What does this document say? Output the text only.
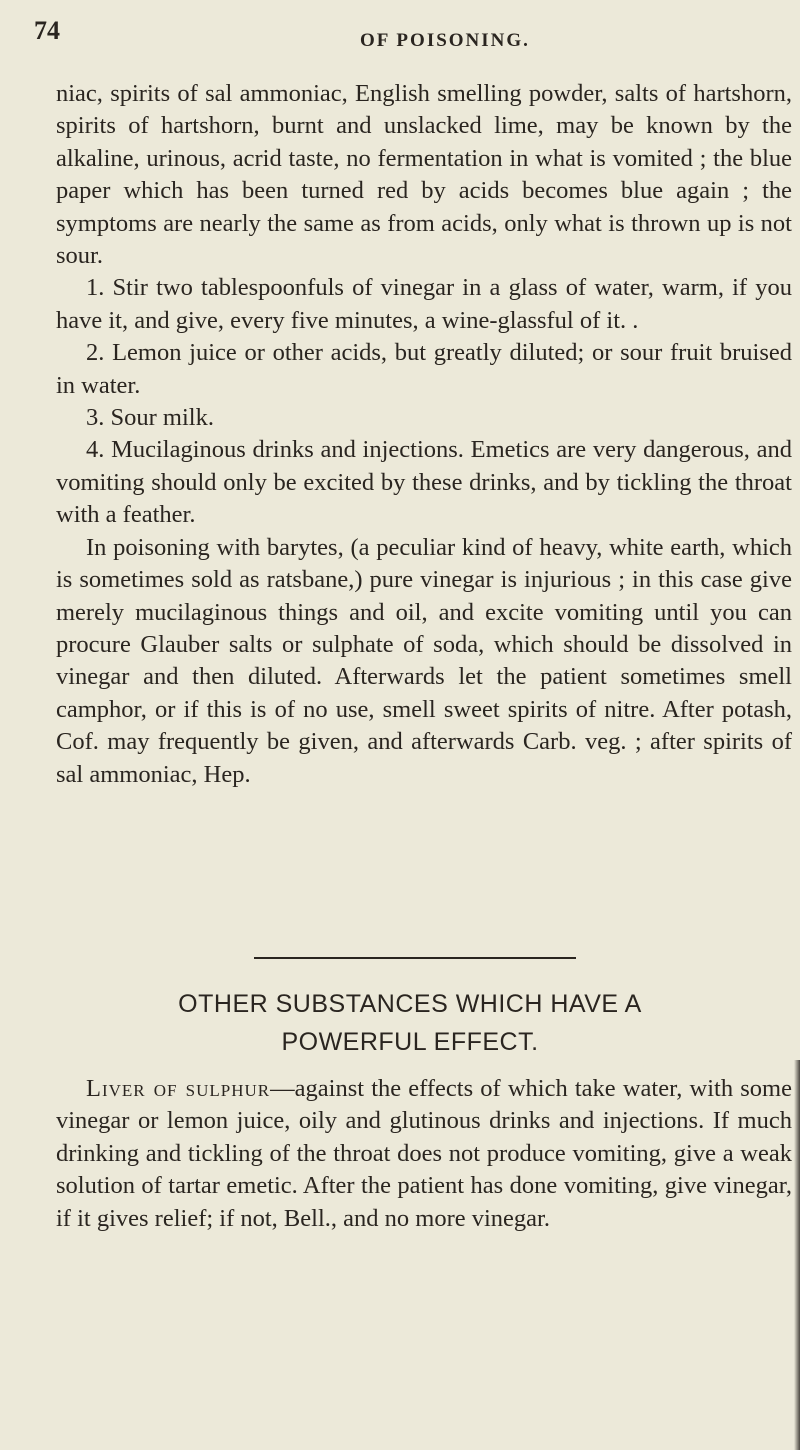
74	OF POISONING.

niac, spirits of sal ammoniac, English smelling powder, salts of hartshorn, spirits of hartshorn, burnt and unslacked lime, may be known by the alkaline, urinous, acrid taste, no fermentation in what is vomited ; the blue paper which has been turned red by acids becomes blue again ; the symptoms are nearly the same as from acids, only what is thrown up is not sour.

1. Stir two tablespoonfuls of vinegar in a glass of water, warm, if you have it, and give, every five minutes, a wine-glassful of it. .

2. Lemon juice or other acids, but greatly diluted; or sour fruit bruised in water.

3. Sour milk.

4. Mucilaginous drinks and injections. Emetics are very dangerous, and vomiting should only be excited by these drinks, and by tickling the throat with a feather.

In poisoning with barytes, (a peculiar kind of heavy, white earth, which is sometimes sold as ratsbane,) pure vinegar is injurious ; in this case give merely mucilaginous things and oil, and excite vomiting until you can procure Glauber salts or sulphate of soda, which should be dissolved in vinegar and then diluted. Afterwards let the patient sometimes smell camphor, or if this is of no use, smell sweet spirits of nitre. After potash, Cof. may frequently be given, and afterwards Carb. veg. ; after spirits of sal ammoniac, Hep.

OTHER SUBSTANCES WHICH HAVE A
POWERFUL EFFECT.

Liver of sulphur—against the effects of which take water, with some vinegar or lemon juice, oily and glutinous drinks and injections. If much drinking and tickling of the throat does not produce vomiting, give a weak solution of tartar emetic. After the patient has done vomiting, give vinegar, if it gives relief; if not, Bell., and no more vinegar.
